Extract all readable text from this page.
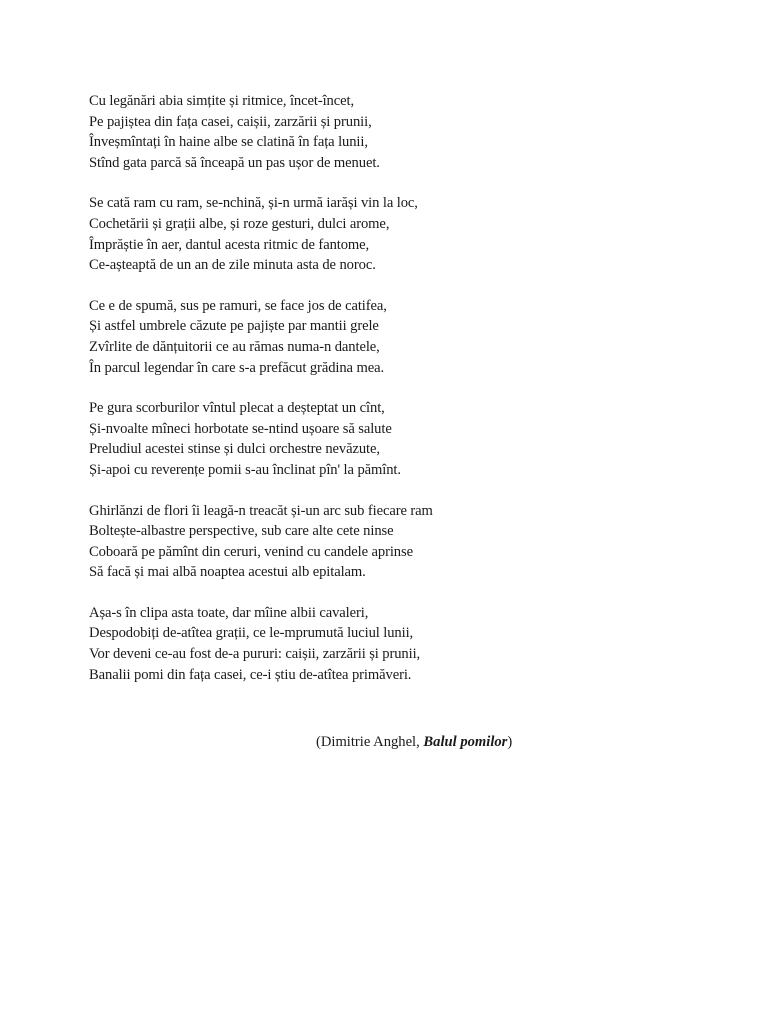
Cu legănări abia simțite și ritmice, încet-încet,
Pe pajiștea din fața casei, caișii, zarzării și prunii,
Înveșmîntați în haine albe se clatină în fața lunii,
Stînd gata parcă să înceapă un pas ușor de menuet.
Se cată ram cu ram, se-nchină, și-n urmă iarăși vin la loc,
Cochetării și grații albe, și roze gesturi, dulci arome,
Împrăștie în aer, dantul acesta ritmic de fantome,
Ce-așteaptă de un an de zile minuta asta de noroc.
Ce e de spumă, sus pe ramuri, se face jos de catifea,
Și astfel umbrele căzute pe pajiște par mantii grele
Zvîrlite de dănțuitorii ce au rămas numa-n dantele,
În parcul legendar în care s-a prefăcut grădina mea.
Pe gura scorburilor vîntul plecat a deșteptat un cînt,
Și-nvoalte mîneci horbotate se-ntind ușoare să salute
Preludiul acestei stinse și dulci orchestre nevăzute,
Și-apoi cu reverențe pomii s-au înclinat pîn' la pămînt.
Ghirlănzi de flori îi leagă-n treacăt și-un arc sub fiecare ram
Boltește-albastre perspective, sub care alte cete ninse
Coboară pe pămînt din ceruri, venind cu candele aprinse
Să facă și mai albă noaptea acestui alb epitalam.
Așa-s în clipa asta toate, dar mîine albii cavaleri,
Despodobiți de-atîtea grații, ce le-mprumută luciul lunii,
Vor deveni ce-au fost de-a pururi: caișii, zarzării și prunii,
Banalii pomi din fața casei, ce-i știu de-atîtea primăveri.
(Dimitrie Anghel, Balul pomilor)
